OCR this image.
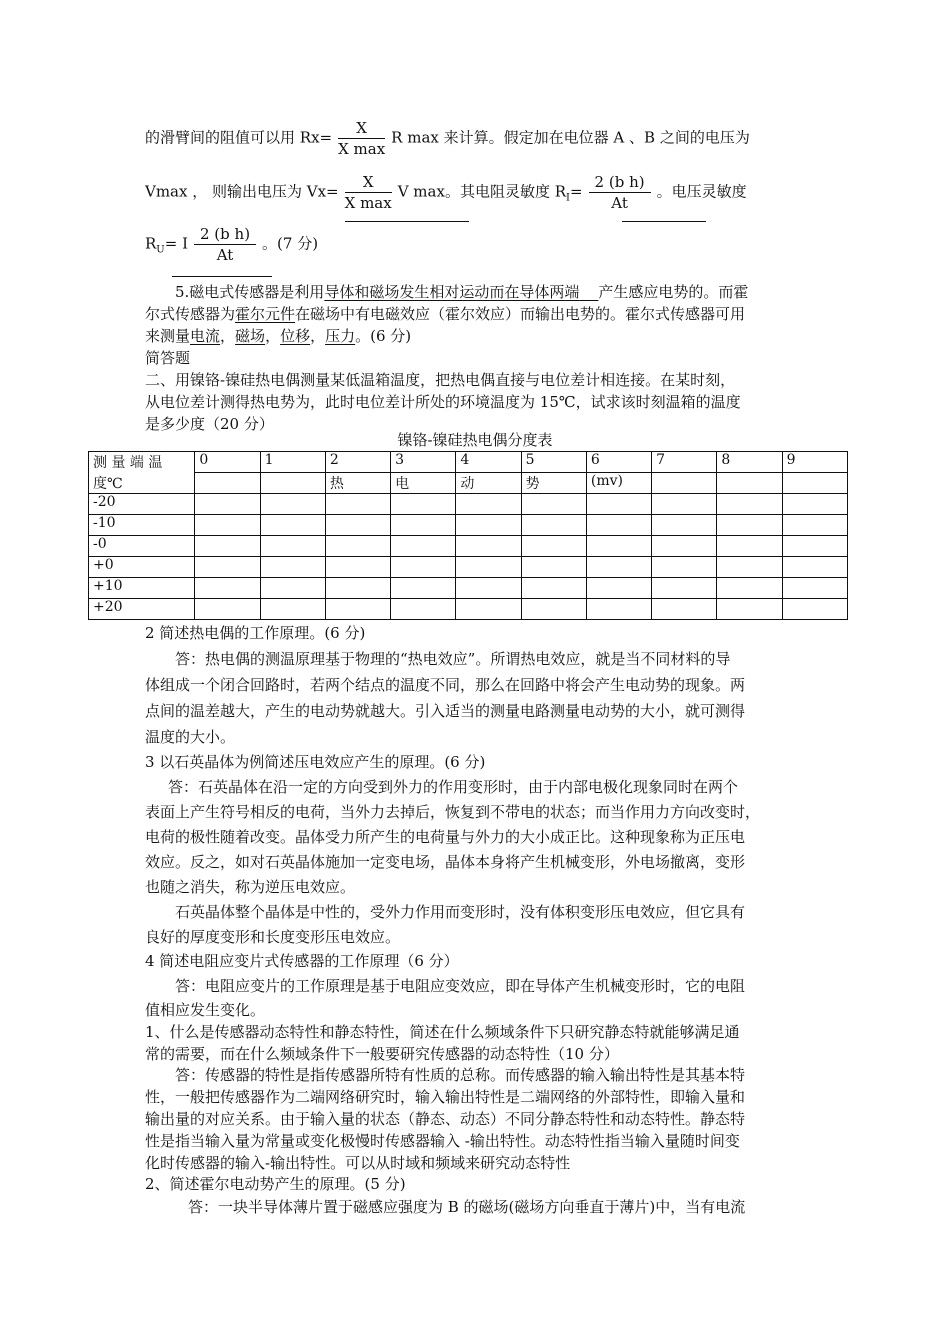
的滑臂间的阻值可以用 $Rx= \frac{X}{\text{X max}}$ R max 来计算。假定加在电位器 A 、B 之间的电压为
Vmax ， 则输出电压为 $Vx= \frac{X}{\text{X max}}$ V max。其电阻灵敏度 $R_I= \frac{\text{2 (b h)}}{At}$ 。电压灵敏度
$R_U= I \frac{\text{2 (b h)}}{At}$ 。(7 分)
5.磁电式传感器是利用导体和磁场发生相对运动而在导体两端 产生感应电势的。而霍
尔式传感器为霍尔元件在磁场中有电磁效应（霍尔效应）而输出电势的。霍尔式传感器可用
来测量电流，磁场，位移，压力。(6 分)
简答题
二、用镍铬-镍硅热电偶测量某低温箱温度，把热电偶直接与电位差计相连接。在某时刻，
从电位差计测得热电势为，此时电位差计所处的环境温度为 15℃，试求该时刻温箱的温度
是多少度（20 分）
镍铬-镍硅热电偶分度表
测 量 端 温	0	1	2	3	4	5	6	7	8	9
度℃			热	电	动	势	(mv)			
-20										
-10										
-0										
+0										
+10										
+20										
2 简述热电偶的工作原理。(6 分)
答：热电偶的测温原理基于物理的“热电效应”。所谓热电效应，就是当不同材料的导
体组成一个闭合回路时，若两个结点的温度不同，那么在回路中将会产生电动势的现象。两
点间的温差越大，产生的电动势就越大。引入适当的测量电路测量电动势的大小，就可测得
温度的大小。
3 以石英晶体为例简述压电效应产生的原理。(6 分)
答：石英晶体在沿一定的方向受到外力的作用变形时，由于内部电极化现象同时在两个
表面上产生符号相反的电荷，当外力去掉后，恢复到不带电的状态；而当作用力方向改变时，
电荷的极性随着改变。晶体受力所产生的电荷量与外力的大小成正比。这种现象称为正压电
效应。反之，如对石英晶体施加一定变电场，晶体本身将产生机械变形，外电场撤离，变形
也随之消失，称为逆压电效应。
石英晶体整个晶体是中性的，受外力作用而变形时，没有体积变形压电效应，但它具有
良好的厚度变形和长度变形压电效应。
4 简述电阻应变片式传感器的工作原理（6 分）
答：电阻应变片的工作原理是基于电阻应变效应，即在导体产生机械变形时，它的电阻
值相应发生变化。
1、什么是传感器动态特性和静态特性，简述在什么频域条件下只研究静态特就能够满足通
常的需要，而在什么频域条件下一般要研究传感器的动态特性（10 分）
答：传感器的特性是指传感器所特有性质的总称。而传感器的输入输出特性是其基本特
性，一般把传感器作为二端网络研究时，输入输出特性是二端网络的外部特性，即输入量和
输出量的对应关系。由于输入量的状态（静态、动态）不同分静态特性和动态特性。静态特
性是指当输入量为常量或变化极慢时传感器输入 -输出特性。动态特性指当输入量随时间变
化时传感器的输入-输出特性。可以从时域和频域来研究动态特性
2、简述霍尔电动势产生的原理。(5 分)
答：一块半导体薄片置于磁感应强度为 B 的磁场(磁场方向垂直于薄片)中，当有电流
